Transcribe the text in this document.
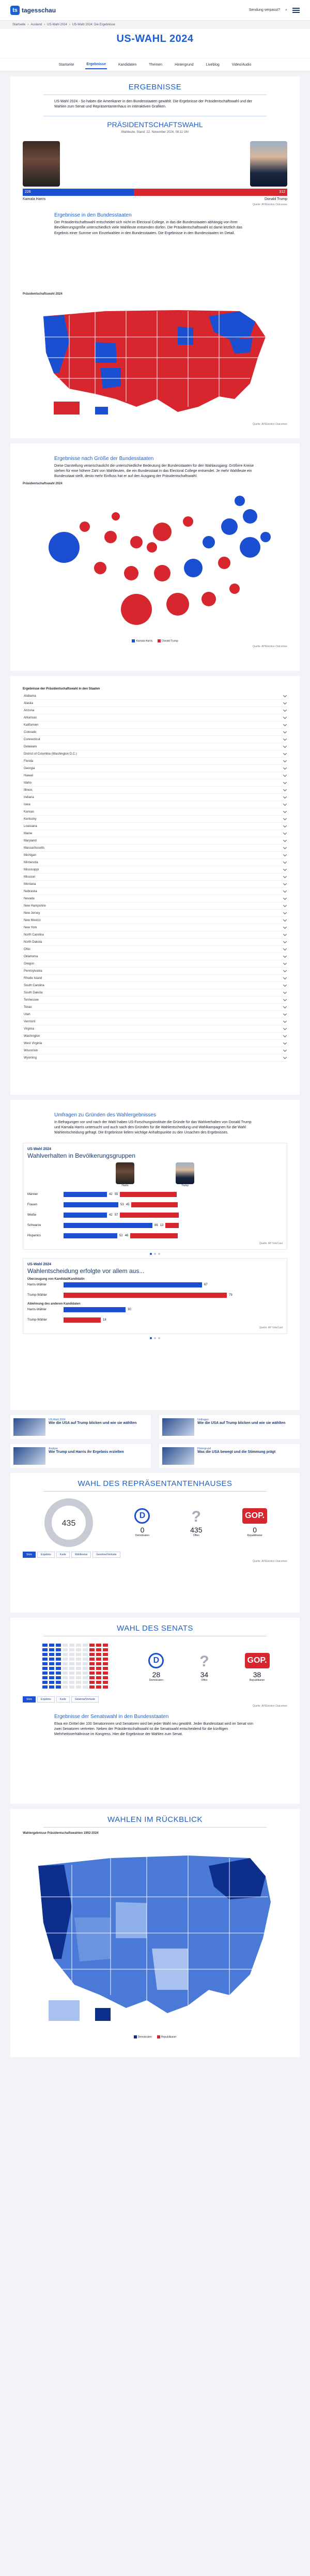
ts tagesschau	Sendung verpasst? ⌕
Startseite › Ausland › US-Wahl 2024 › US-Wahl 2024: Die Ergebnisse
US-WAHL 2024
Startseite	Ergebnisse	Kandidaten	Themen	Hintergrund	Liveblog	Video/Audio
ERGEBNISSE

US-Wahl 2024 - So haben die Amerikaner in den Bundesstaaten gewählt. Die Ergebnisse der Präsidentschaftswahl und der Wahlen zum Senat und Repräsentantenhaus im interaktiven Grafiken.

PRÄSIDENTSCHAFTSWAHL
Wahlleute, Stand: 22. November 2024, 08:11 Uhr
226	312
Kamala Harris	Donald Trump
Quelle: AP/Election Outcomes
Ergebnisse in den Bundesstaaten

Der Präsidentschaftswahl entscheidet sich nicht im Electoral College, in das die Bundesstaaten abhängig von ihrer Bevölkerungsgröße unterschiedlich viele Wahlleute entsenden dürfen. Die Präsidentschaftswahl ist damit letztlich das Ergebnis einer Summe von Einzelwahlen in den Bundesstaaten. Die Ergebnisse in den Bundesstaaten im Detail.

Präsidentschaftswahl 2024
Quelle: AP/Election Outcomes
Ergebnisse nach Größe der Bundesstaaten

Diese Darstellung veranschaulicht die unterschiedliche Bedeutung der Bundesstaaten für den Wahlausgang: Größere Kreise stehen für eine höhere Zahl von Wahlleuten, die ein Bundesstaat in das Electoral College entsendet. Je mehr Wahlleute ein Bundesstaat stellt, desto mehr Einfluss hat er auf den Ausgang der Präsidentschaftswahl.

Präsidentschaftswahl 2024
Kamala Harris	Donald Trump
Quelle: AP/Election Outcomes
Ergebnisse der Präsidentschaftswahl in den Staaten
Alabama
Alaska
Arizona
Arkansas
Kalifornien
Colorado
Connecticut
Delaware
District of Columbia (Washington D.C.)
Florida
Georgia
Hawaii
Idaho
Illinois
Indiana
Iowa
Kansas
Kentucky
Louisiana
Maine
Maryland
Massachusetts
Michigan
Minnesota
Mississippi
Missouri
Montana
Nebraska
Nevada
New Hampshire
New Jersey
New Mexico
New York
North Carolina
North Dakota
Ohio
Oklahoma
Oregon
Pennsylvania
Rhode Island
South Carolina
South Dakota
Tennessee
Texas
Utah
Vermont
Virginia
Washington
West Virginia
Wisconsin
Wyoming
Umfragen zu Gründen des Wahlergebnisses

In Befragungen vor und nach der Wahl haben US-Forschungsinstitute die Gründe für das Wahlverhalten von Donald Trump und Kamala Harris untersucht und auch nach den Gründen für die Wahlentscheidung und Wahlkampagnen für die Wahl Wahlentscheidung gefragt. Die Ergebnisse liefern wichtige Anhaltspunkte zu den Ursachen des Ergebnisses.

US-Wahl 2024
Wahlverhalten in Bevölkerungsgruppen
Harris	Trump
Männer	42 55
Frauen	53 45
Weiße	42 57
Schwarze	86 13
Hispanics	52 46
Quelle: AP VoteCast
US-Wahl 2024
Wahlentscheidung erfolgte vor allem aus...
Überzeugung von Kandidat/Kandidatin
Harris-Wähler	67
Trump-Wähler	79
Ablehnung des anderen Kandidaten
Harris-Wähler	30
Trump-Wähler	18
Quelle: AP VoteCast
US-Wahl 2024
Wie die USA auf Trump blicken und wie sie wählten
Umfragen
Wie die USA auf Trump blicken und wie sie wählten
Analyse
Wie Trump und Harris ihr Ergebnis erzielten
Hintergrund
Was die USA bewegt und die Stimmung prägt
WAHL DES REPRÄSENTANTENHAUSES
435
D
0
Demokraten
?
435
Offen
GOP.
0
Republikaner
Sitze	Ergebnis	Karte	Wahlkreise	Gewinne/Verluste
Quelle: AP/Election Outcomes
WAHL DES SENATS
D
28
Demokraten
?
34
Offen
GOP.
38
Republikaner
Sitze	Ergebnis	Karte	Gewinne/Verluste
Quelle: AP/Election Outcomes
Ergebnisse der Senatswahl in den Bundesstaaten

Etwa ein Drittel der 100 Senatorinnen und Senatoren wird bei jeder Wahl neu gewählt. Jeder Bundesstaat wird im Senat von zwei Senatoren vertreten. Neben der Präsidentschaftswahl ist die Senatswahl entscheidend für die künftigen Mehrheitsverhältnisse im Kongress. Hier die Ergebnisse der Wahlen zum Senat.

WAHLEN IM RÜCKBLICK
Wahlergebnisse Präsidentschaftswahlen 1992-2024
Demokraten	Republikaner
